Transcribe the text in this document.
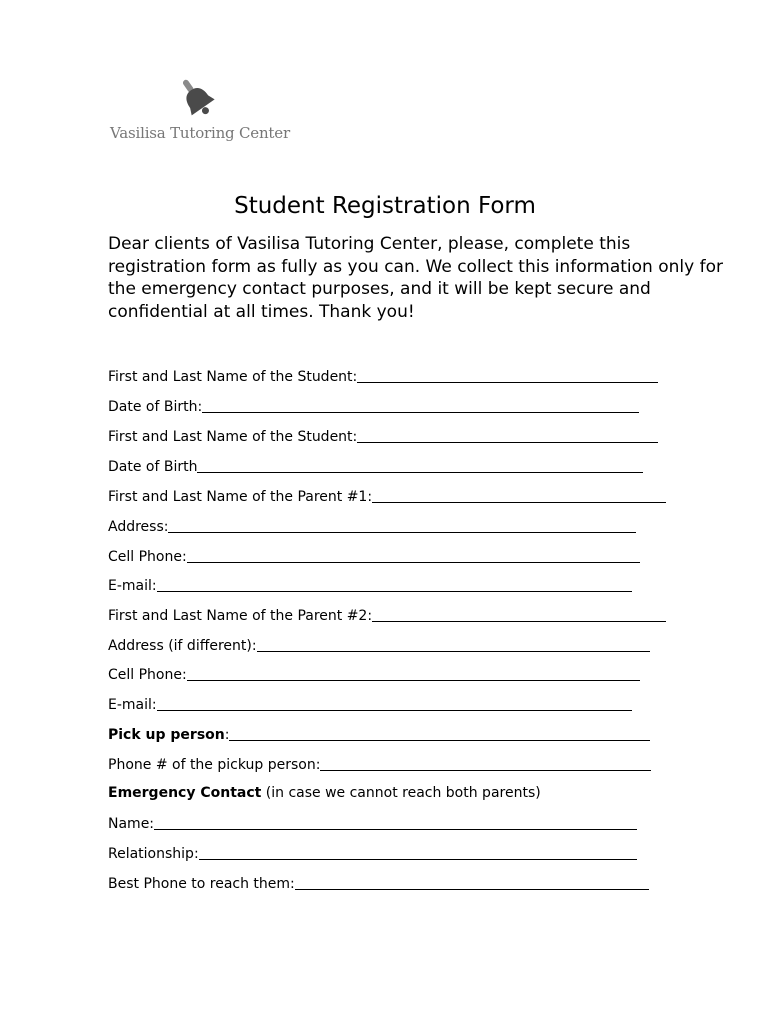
Vasilisa Tutoring Center
Student Registration Form

Dear clients of Vasilisa Tutoring Center, please, complete this registration form as fully as you can. We collect this information only for the emergency contact purposes, and it will be kept secure and confidential at all times. Thank you!

First and Last Name of the Student:
Date of Birth:
First and Last Name of the Student:
Date of Birth
First and Last Name of the Parent #1:
Address:
Cell Phone:
E-mail:
First and Last Name of the Parent #2:
Address (if different):
Cell Phone:
E-mail:
Pick up person :
Phone # of the pickup person:
Emergency Contact (in case we cannot reach both parents)
Name:
Relationship:
Best Phone to reach them:
